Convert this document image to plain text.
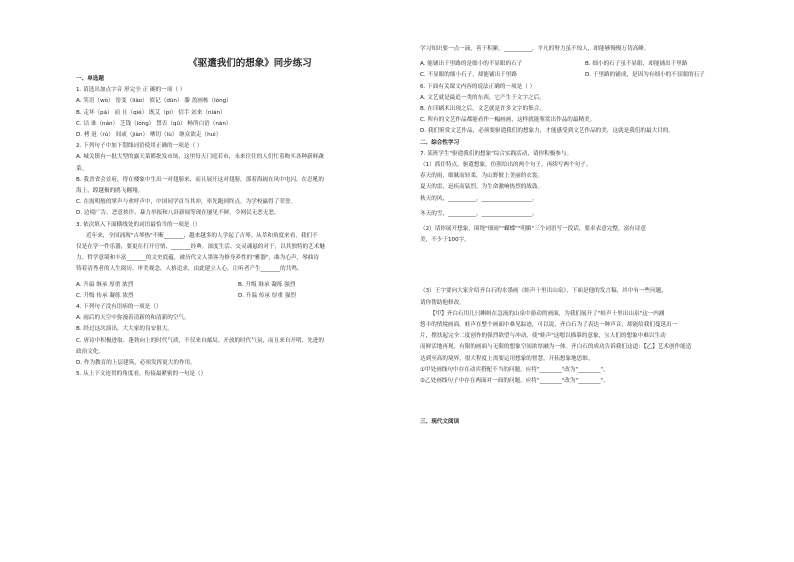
《驱遣我们的想象》同步练习
一、单选题
1. 请选出加点字音 形完全 正 确的一项（ ）
A. 笑语（wò） 窑变（liào） 娱记（dūn） 滕 盈画栋（lóng）
B. 走坏（pà） 而 且（qié） 既艾（pì） 信手 站来（nián）
C. 诘 谁（nán） 芝钱（lóng） 禁否（qǔ） 畅所白语（nàn）
D. 栲 返（rù） 间或（jiàn） 哂切（lù） 继众欲走（huì）
2. 下列句子中加下划线词语使用正确的一项是（ ）
A. 城关镇有一批大型的露天菜都批发市场，这里每天门庭若市，未来往往的人们忙着购买各种新鲜蔬
菜。
B. 我晋省会首府，得在楼象中生出一对翅膀来，而且展开这对翅膀，那着海阔在风中电闪，在忍吼的
海上，蹚越极的鸥飞翱翔。
C. 在霞明般的掌声与欢呼声中，中国同学首当其冲，率先跑到终点，为学校赢得了荣誉。
D. 边境广告、恶意挟诈、暴力举报和八卦新闻等现在屡见不鲜，令网民无恶无恶。
3. 依次填入下面横线处的词语最恰当的一项是（）
近年来，全国涌现"吉琴热"不断_______，越来越多的人学起了吉琴。从萃和角度来看，我们不
仅是在学一件乐器，要更在打开官情、_______经典。深度生活、交灵魂悬的对于，以其独特的艺术魅
力、哲学意境和丰富_______的文史底蕴，被历代文人墨客为修身养性的"雅器"，曲为心声，琴曲诗
铸着清秀者的人生阅历、审美观念、人格追求，由此建立人心，让听者产生_______的共鸣。
A. 升温 继承 厚重 浓烈	B. 升级 继承 凝练 强烈
C. 升级 传承 凝练 浓烈	D. 升温 传承 厚重 强烈
4. 下列句子没有语病的一项是（）
A. 雨后的天空中弥漫着清新的和清新的空气。
B. 经过这次演出，大大家的良安很大。
C. 唐诗中积极进取、蓬勃向上的时代气质，不仅来自邮局、开放的时代气氛，而且来自开明、先进的
政治文化。
D. 作为教育的上层建筑，必须发挥更大的作用。
5. 从上下文连贯的角度看，衔接最紧密的一句是（）
学习知识要一点一滴，善于积累。__________，平凡的努力虽不惊人，却能够慢慢万切高峰。
A. 能铺出千里路的是细小的不显眼的石子	B. 细小的石子虽不显眼，却能铺出千里路
C. 不显眼的细小石子，却能铺出千里路	D. 千里路的铺成，是因为有细小的不显眼的石子
6. 下面有关课文内容的说法正确的一项是（ ）
A. 文艺就是最追一类的东西，它产生于文字之后。
B. 在印刷术出现之后，文艺就是许多文字的集合。
C. 所有的文艺作品都能看作一幅画画，这样就能鉴赏出作品的最精美。
D. 我们鉴赏文艺作品，必须要驱遣我们的想象力，才能感受到文艺作品的美，这就是我们的最大目的。
二、综合性学习
7. 某班学生"驱遣我们的想象"综合实践活动，请你积极参与。
（1）抓住特点，驱遣想象，仿照给出的两个句子，再续写两个句子。
春天的雨，细腻而轻柔，为山野披上美丽的衣裳。
夏天的雷，迅疾而猛烈，为生命激响热烈的战鼓。
秋天的风，__________，__________________。
冬天的雪，__________，__________________。
（2）请你展开想象，围绕"细雨""蝴蝶""明媚"三个词语写一段话，要求表意完整，富有诗意
美，不少于100字。
（3）王宇要向大家介绍齐白石的水墨画《蛙声十里出山泉》，下面是他的发言稿，其中有一些问题，
请你帮助他修改。
【甲】齐白石用几只蝌蚪在急流的山泉中游动的画面，为我们展开了"蛙声十里出山泉"这一内涵
悠丰的情境画面。蛙声在整个画面中难见踪迹，可以说，齐白石为了表达一种声音，却能给我们蔓延出一
片，撑扶起完全二度创作的强烈欲望与冲动，使"蛙声"这嗯以描摹的意象，宝人们的想象中难以生动
而鲜活地再现，有限的画面与无限的想象空间浓厚融为一体。齐白石的成功告诉我们这道：【乙】艺术创作能造
达到至高的境界，很大程度上需要运用想象的智慧，开拓想象地思维。
①甲处画线句中存在动宾搭配不当的问题，应将"________"改为"________"。
②乙处画线句子中存在两面对一面的问题，应将"________"改为"________"。
三、现代文阅读
